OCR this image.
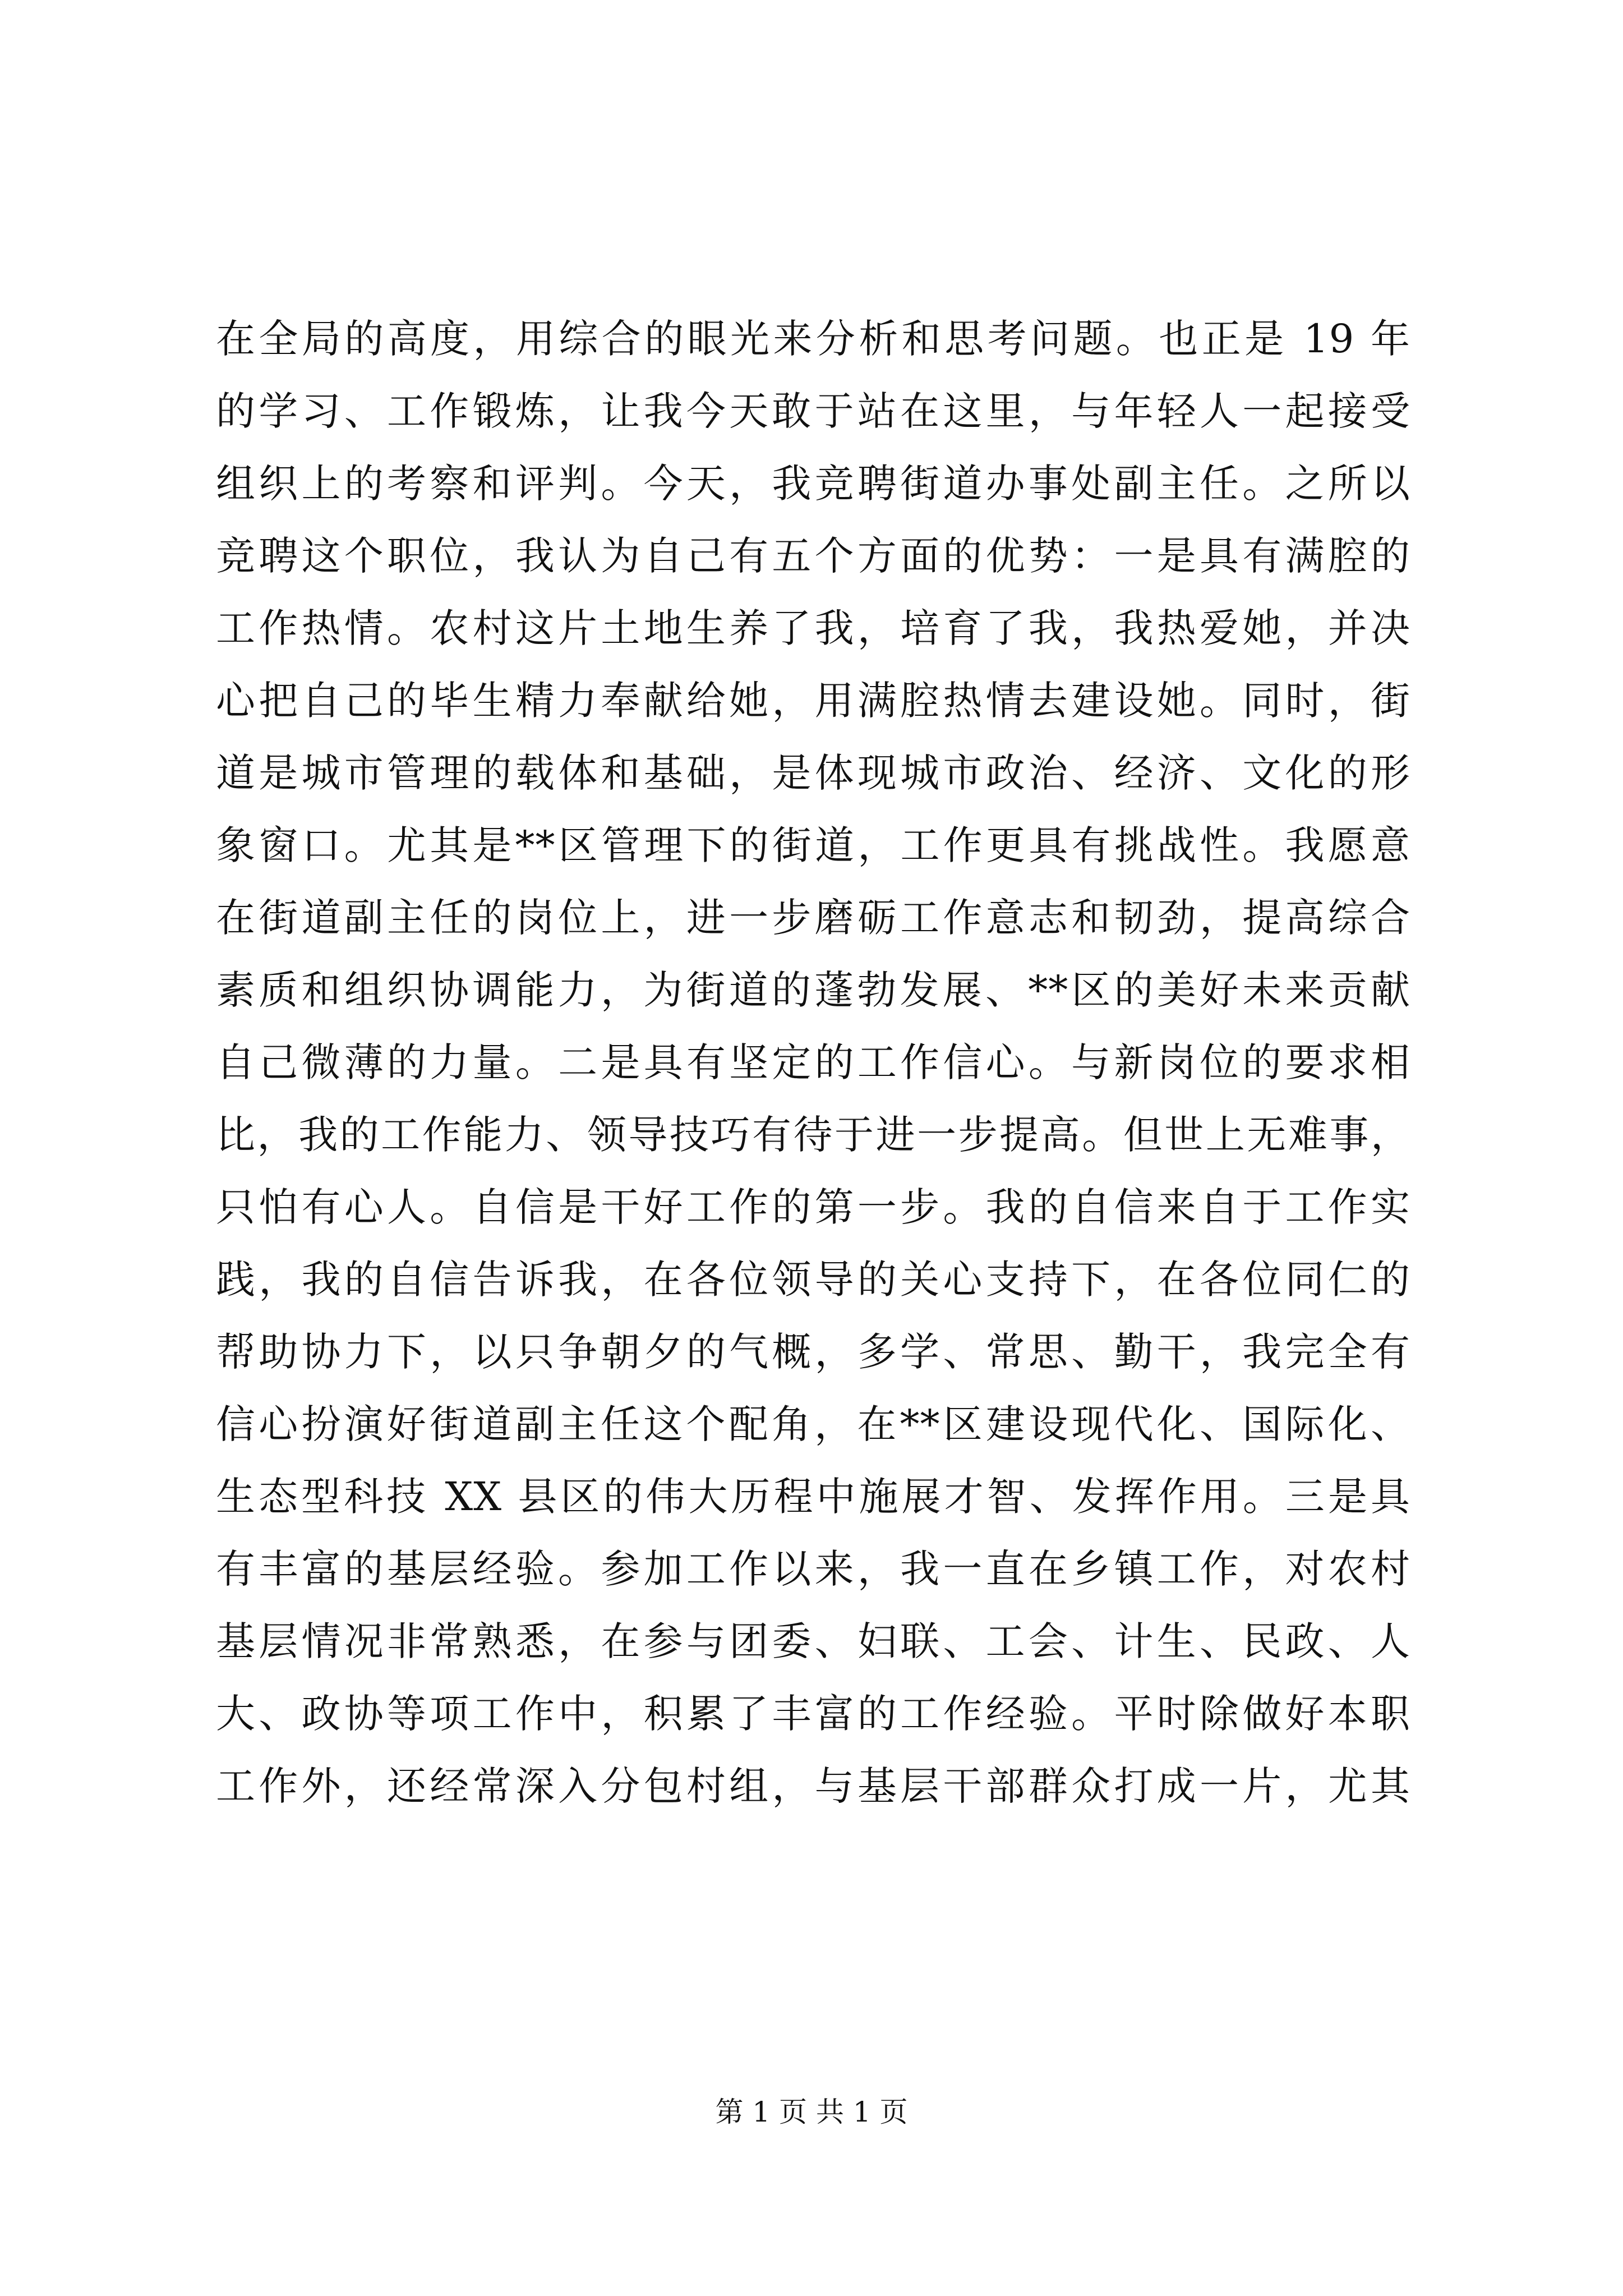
在全局的高度，用综合的眼光来分析和思考问题。也正是 19 年
的学习、工作锻炼，让我今天敢于站在这里，与年轻人一起接受
组织上的考察和评判。今天，我竞聘街道办事处副主任。之所以
竞聘这个职位，我认为自己有五个方面的优势：一是具有满腔的
工作热情。农村这片土地生养了我，培育了我，我热爱她，并决
心把自己的毕生精力奉献给她，用满腔热情去建设她。同时，街
道是城市管理的载体和基础，是体现城市政治、经济、文化的形
象窗口。尤其是**区管理下的街道，工作更具有挑战性。我愿意
在街道副主任的岗位上，进一步磨砺工作意志和韧劲，提高综合
素质和组织协调能力，为街道的蓬勃发展、**区的美好未来贡献
自己微薄的力量。二是具有坚定的工作信心。与新岗位的要求相
比，我的工作能力、领导技巧有待于进一步提高。但世上无难事，
只怕有心人。自信是干好工作的第一步。我的自信来自于工作实
践，我的自信告诉我，在各位领导的关心支持下，在各位同仁的
帮助协力下，以只争朝夕的气概，多学、常思、勤干，我完全有
信心扮演好街道副主任这个配角，在**区建设现代化、国际化、
生态型科技 XX 县区的伟大历程中施展才智、发挥作用。三是具
有丰富的基层经验。参加工作以来，我一直在乡镇工作，对农村
基层情况非常熟悉，在参与团委、妇联、工会、计生、民政、人
大、政协等项工作中，积累了丰富的工作经验。平时除做好本职
工作外，还经常深入分包村组，与基层干部群众打成一片，尤其
第 1 页 共 1 页
